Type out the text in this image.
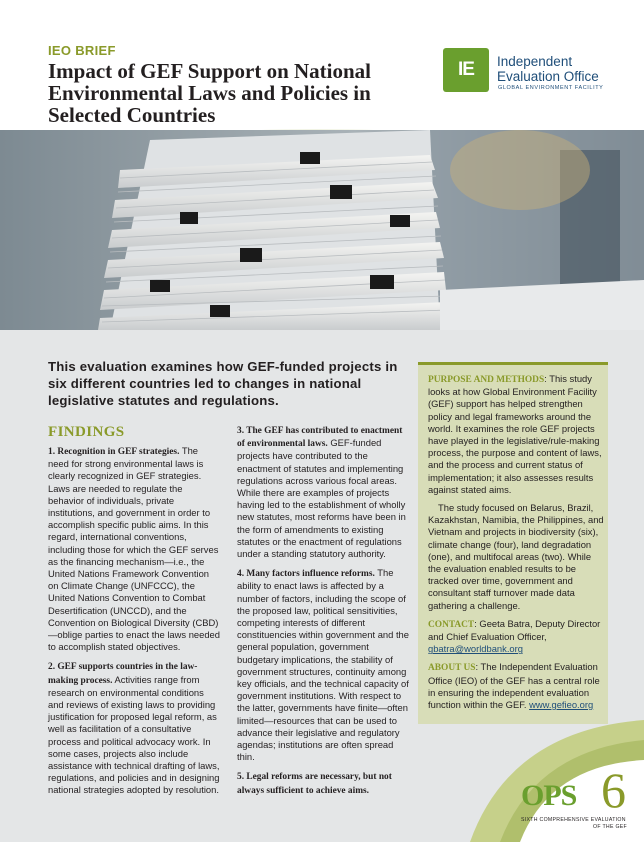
IEO BRIEF
Impact of GEF Support on National Environmental Laws and Policies in Selected Countries
IE	Independent
Evaluation Office
GLOBAL ENVIRONMENT FACILITY
This evaluation examines how GEF-funded projects in six different countries led to changes in national legislative statutes and regulations.
FINDINGS

1. Recognition in GEF strategies. The need for strong environmental laws is clearly recognized in GEF strategies. Laws are needed to regulate the behavior of individuals, private institutions, and government in order to accomplish specific public aims. In this regard, international conventions, including those for which the GEF serves as the financing mechanism—i.e., the United Nations Framework Convention on Climate Change (UNFCCC), the United Nations Convention to Combat Desertification (UNCCD), and the Convention on Biological Diversity (CBD)—oblige parties to enact the laws needed to accomplish stated objectives.

2. GEF supports countries in the law-making process. Activities range from research on environmental conditions and reviews of existing laws to providing justification for proposed legal reform, as well as facilitation of a consultative process and political advocacy work. In some cases, projects also include assistance with technical drafting of laws, regulations, and policies and in designing national strategies adopted by resolution.

3. The GEF has contributed to enactment of environmental laws. GEF-funded projects have contributed to the enactment of statutes and implementing regulations across various focal areas. While there are examples of projects having led to the establishment of wholly new statutes, most reforms have been in the form of amendments to existing statutes or the enactment of regulations under a standing statutory authority.

4. Many factors influence reforms. The ability to enact laws is affected by a number of factors, including the scope of the proposed law, political sensitivities, competing interests of different constituencies within government and the general population, government budgetary implications, the stability of government structures, continuity among key officials, and the technical capacity of government institutions. With respect to the latter, governments have finite—often limited—resources that can be used to advance their legislative and regulatory agendas; institutions are often spread thin.

5. Legal reforms are necessary, but not always sufficient to achieve aims.

PURPOSE AND METHODS: This study looks at how Global Environment Facility (GEF) support has helped strengthen policy and legal frameworks around the world. It examines the role GEF projects have played in the legislative/rule-making process, the purpose and content of laws, and the process and current status of implementation; it also assesses results against stated aims.

The study focused on Belarus, Brazil, Kazakhstan, Namibia, the Philippines, and Vietnam and projects in biodiversity (six), climate change (four), land degradation (one), and multifocal areas (two). While the evaluation enabled results to be tracked over time, government and consultant staff turnover made data gathering a challenge.

CONTACT: Geeta Batra, Deputy Director and Chief Evaluation Officer,
gbatra@worldbank.org

ABOUT US: The Independent Evaluation Office (IEO) of the GEF has a central role in ensuring the independent evaluation function within the GEF. www.gefieo.org

OPS 6
SIXTH COMPREHENSIVE EVALUATION
OF THE GEF
